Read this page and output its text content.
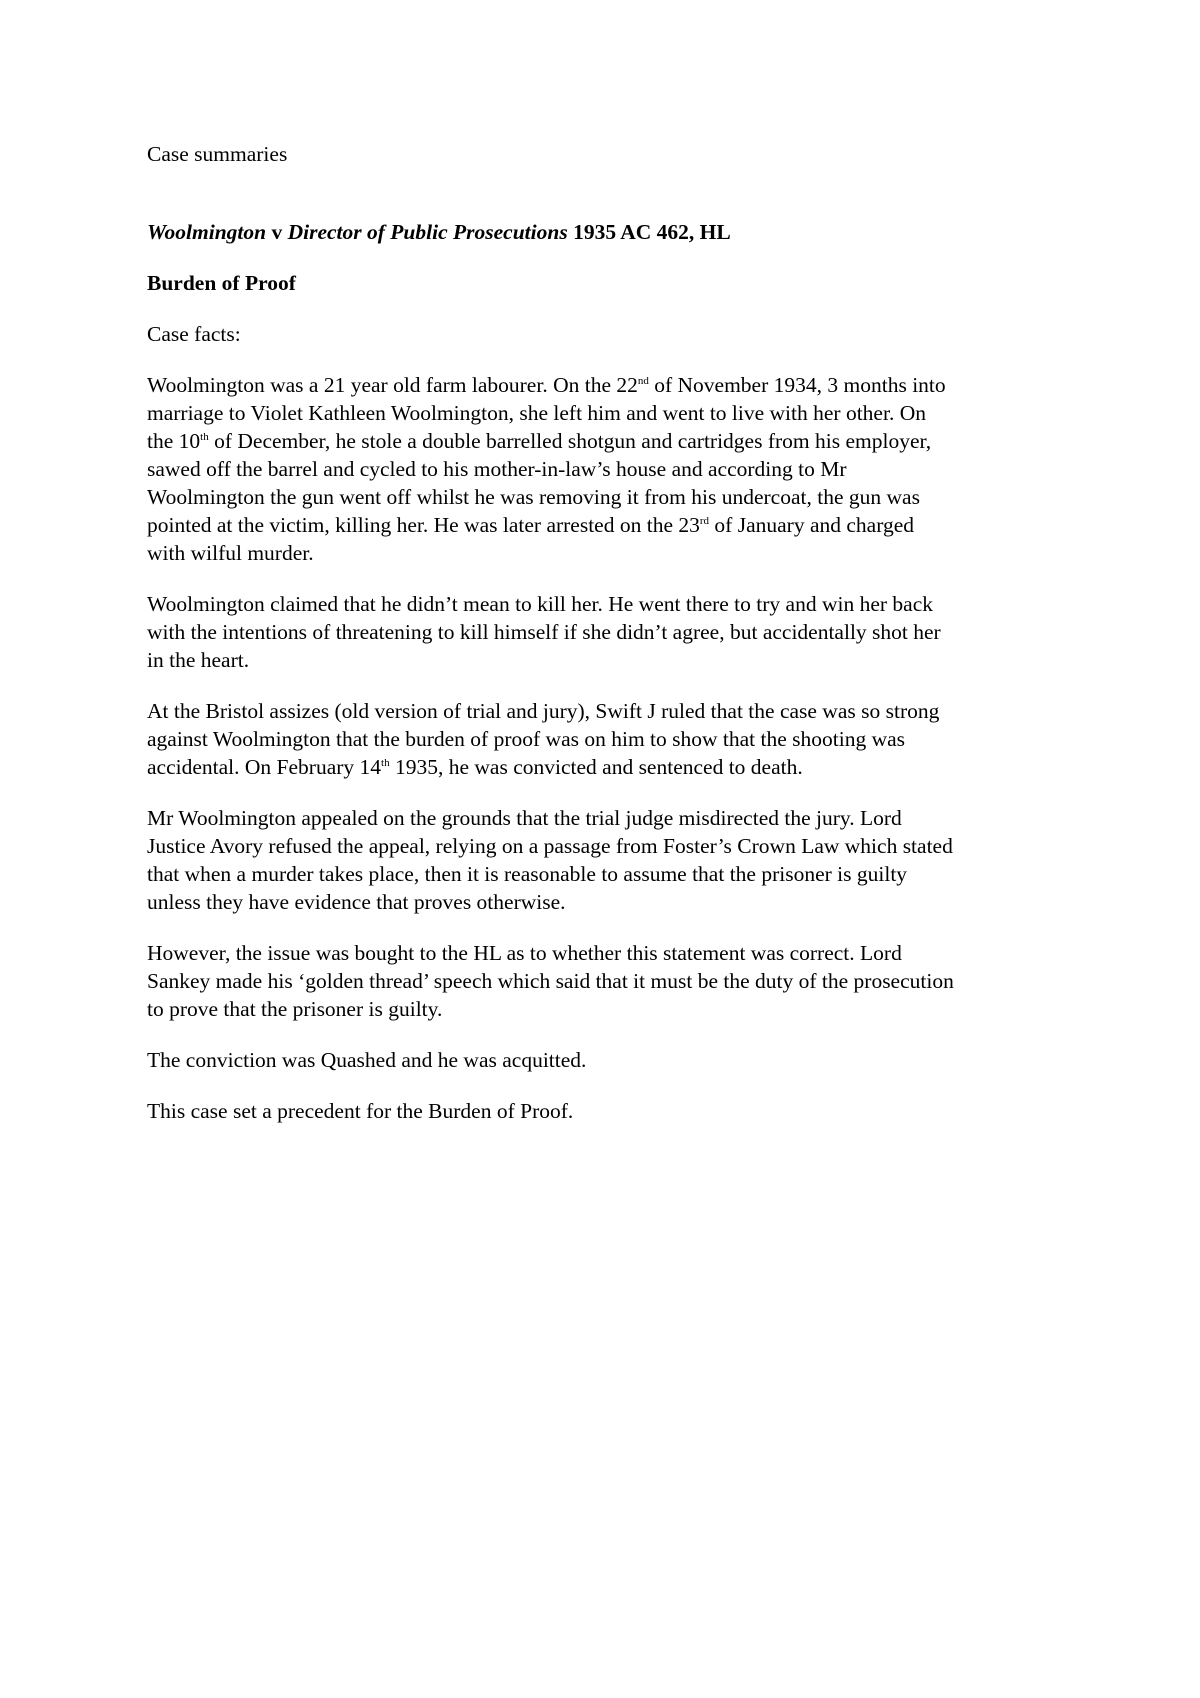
Case summaries
Woolmington v Director of Public Prosecutions 1935 AC 462, HL
Burden of Proof
Case facts:
Woolmington was a 21 year old farm labourer. On the 22nd of November 1934, 3 months into
marriage to Violet Kathleen Woolmington, she left him and went to live with her other. On
the 10th of December, he stole a double barrelled shotgun and cartridges from his employer,
sawed off the barrel and cycled to his mother-in-law’s house and according to Mr
Woolmington the gun went off whilst he was removing it from his undercoat, the gun was
pointed at the victim, killing her. He was later arrested on the 23rd of January and charged
with wilful murder.
Woolmington claimed that he didn’t mean to kill her. He went there to try and win her back
with the intentions of threatening to kill himself if she didn’t agree, but accidentally shot her
in the heart.
At the Bristol assizes (old version of trial and jury), Swift J ruled that the case was so strong
against Woolmington that the burden of proof was on him to show that the shooting was
accidental. On February 14th 1935, he was convicted and sentenced to death.
Mr Woolmington appealed on the grounds that the trial judge misdirected the jury. Lord
Justice Avory refused the appeal, relying on a passage from Foster’s Crown Law which stated
that when a murder takes place, then it is reasonable to assume that the prisoner is guilty
unless they have evidence that proves otherwise.
However, the issue was bought to the HL as to whether this statement was correct. Lord
Sankey made his ‘golden thread’ speech which said that it must be the duty of the prosecution
to prove that the prisoner is guilty.
The conviction was Quashed and he was acquitted.
This case set a precedent for the Burden of Proof.
